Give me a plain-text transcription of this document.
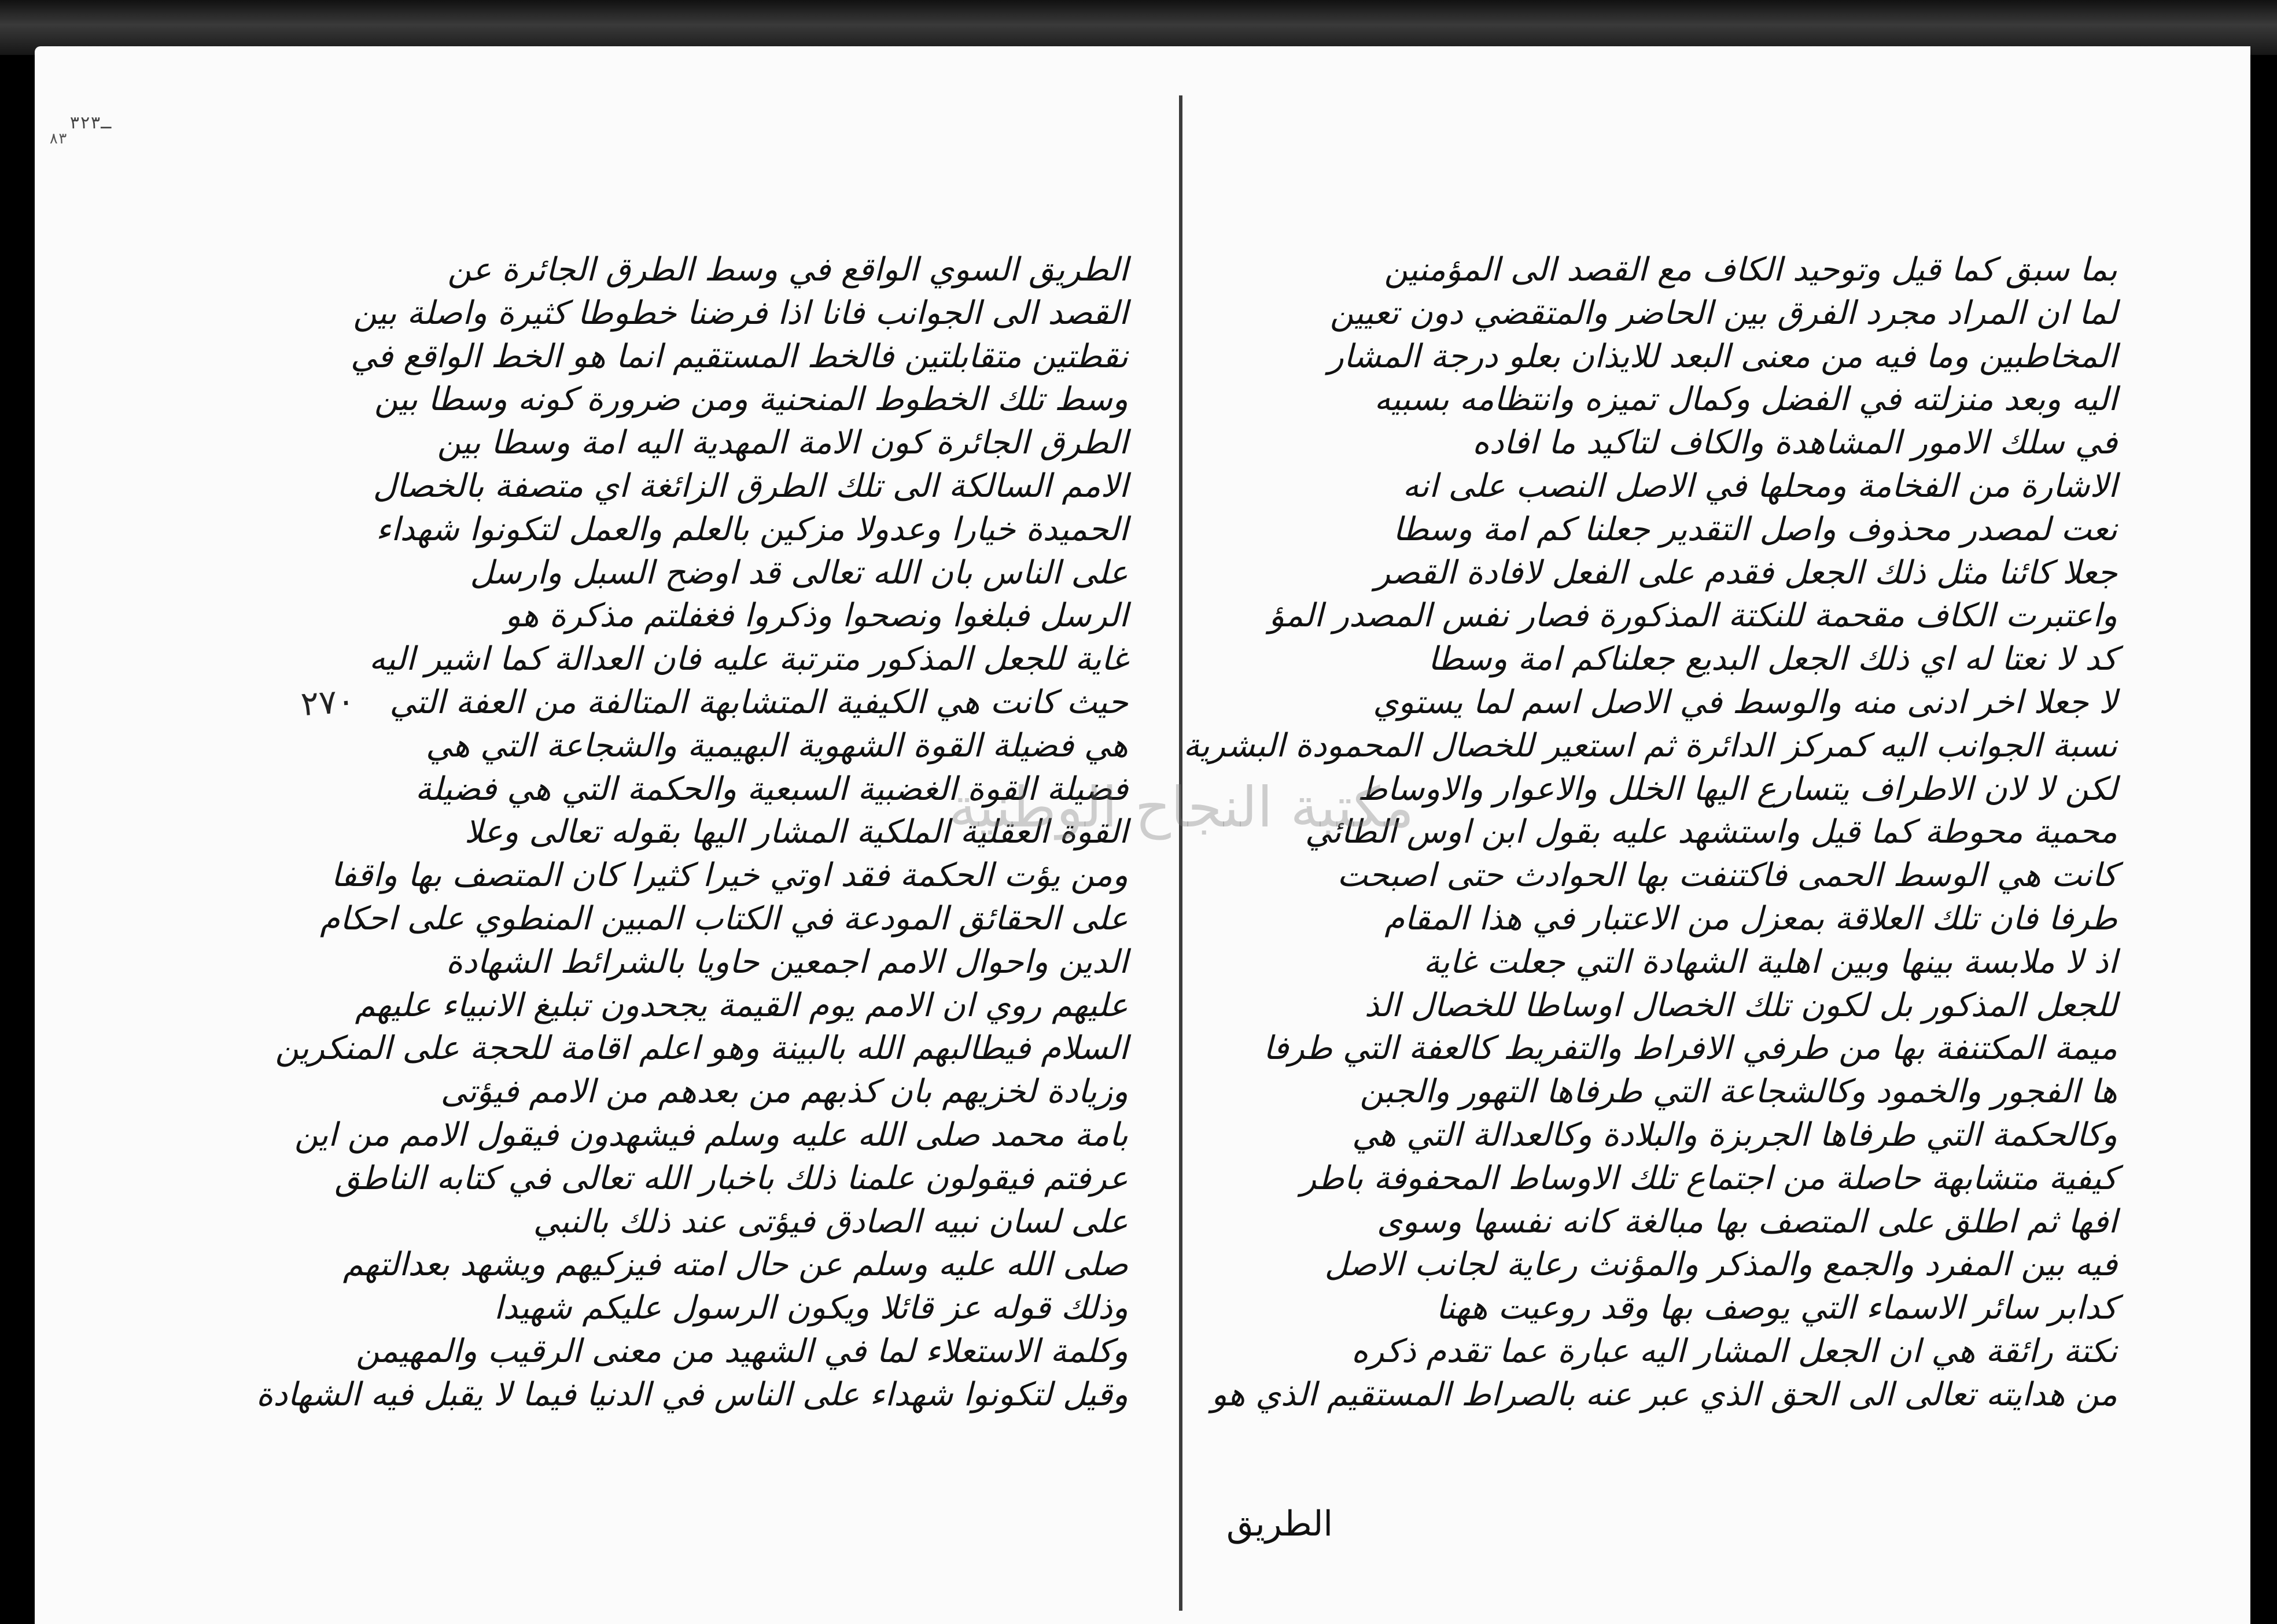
ـ٣٢٣
٨٣
بما سبق كما قيل وتوحيد الكاف مع القصد الى المؤمنين
لما ان المراد مجرد الفرق بين الحاضر والمتقضي دون تعيين
المخاطبين وما فيه من معنى البعد للايذان بعلو درجة المشار
اليه وبعد منزلته في الفضل وكمال تميزه وانتظامه بسبيه
في سلك الامور المشاهدة والكاف لتاكيد ما افاده
الاشارة من الفخامة ومحلها في الاصل النصب على انه
نعت لمصدر محذوف واصل التقدير جعلنا كم امة وسطا
جعلا كائنا مثل ذلك الجعل فقدم على الفعل لافادة القصر
واعتبرت الكاف مقحمة للنكتة المذكورة فصار نفس المصدر المؤ
كد لا نعتا له اي ذلك الجعل البديع جعلناكم امة وسطا
لا جعلا اخر ادنى منه والوسط في الاصل اسم لما يستوي
نسبة الجوانب اليه كمركز الدائرة ثم استعير للخصال المحمودة البشرية
لكن لا لان الاطراف يتسارع اليها الخلل والاعوار والاوساط
محمية محوطة كما قيل واستشهد عليه بقول ابن اوس الطائي
كانت هي الوسط الحمى فاكتنفت بها الحوادث حتى اصبحت
طرفا فان تلك العلاقة بمعزل من الاعتبار في هذا المقام
اذ لا ملابسة بينها وبين اهلية الشهادة التي جعلت غاية
للجعل المذكور بل لكون تلك الخصال اوساطا للخصال الذ
ميمة المكتنفة بها من طرفي الافراط والتفريط كالعفة التي طرفا
ها الفجور والخمود وكالشجاعة التي طرفاها التهور والجبن
وكالحكمة التي طرفاها الجربزة والبلادة وكالعدالة التي هي
كيفية متشابهة حاصلة من اجتماع تلك الاوساط المحفوفة باطر
افها ثم اطلق على المتصف بها مبالغة كانه نفسها وسوى
فيه بين المفرد والجمع والمذكر والمؤنث رعاية لجانب الاصل
كدابر سائر الاسماء التي يوصف بها وقد روعيت ههنا
نكتة رائقة هي ان الجعل المشار اليه عبارة عما تقدم ذكره
من هدايته تعالى الى الحق الذي عبر عنه بالصراط المستقيم الذي هو
الطريق السوي الواقع في وسط الطرق الجائرة عن
القصد الى الجوانب فانا اذا فرضنا خطوطا كثيرة واصلة بين
نقطتين متقابلتين فالخط المستقيم انما هو الخط الواقع في
وسط تلك الخطوط المنحنية ومن ضرورة كونه وسطا بين
الطرق الجائرة كون الامة المهدية اليه امة وسطا بين
الامم السالكة الى تلك الطرق الزائغة اي متصفة بالخصال
الحميدة خيارا وعدولا مزكين بالعلم والعمل لتكونوا شهداء
على الناس بان الله تعالى قد اوضح السبل وارسل
الرسل فبلغوا ونصحوا وذكروا فغفلتم مذكرة هو
غاية للجعل المذكور مترتبة عليه فان العدالة كما اشير اليه
حيث كانت هي الكيفية المتشابهة المتالفة من العفة التي
هي فضيلة القوة الشهوية البهيمية والشجاعة التي هي
فضيلة القوة الغضبية السبعية والحكمة التي هي فضيلة
القوة العقلية الملكية المشار اليها بقوله تعالى وعلا
ومن يؤت الحكمة فقد اوتي خيرا كثيرا كان المتصف بها واقفا
على الحقائق المودعة في الكتاب المبين المنطوي على احكام
الدين واحوال الامم اجمعين حاويا بالشرائط الشهادة
عليهم روي ان الامم يوم القيمة يجحدون تبليغ الانبياء عليهم
السلام فيطالبهم الله بالبينة وهو اعلم اقامة للحجة على المنكرين
وزيادة لخزيهم بان كذبهم من بعدهم من الامم فيؤتى
بامة محمد صلى الله عليه وسلم فيشهدون فيقول الامم من اين
عرفتم فيقولون علمنا ذلك باخبار الله تعالى في كتابه الناطق
على لسان نبيه الصادق فيؤتى عند ذلك بالنبي
صلى الله عليه وسلم عن حال امته فيزكيهم ويشهد بعدالتهم
وذلك قوله عز قائلا ويكون الرسول عليكم شهيدا
وكلمة الاستعلاء لما في الشهيد من معنى الرقيب والمهيمن
وقيل لتكونوا شهداء على الناس في الدنيا فيما لا يقبل فيه الشهادة
٢٧٠
مكتبة النجاح الوطنية
الطريق
